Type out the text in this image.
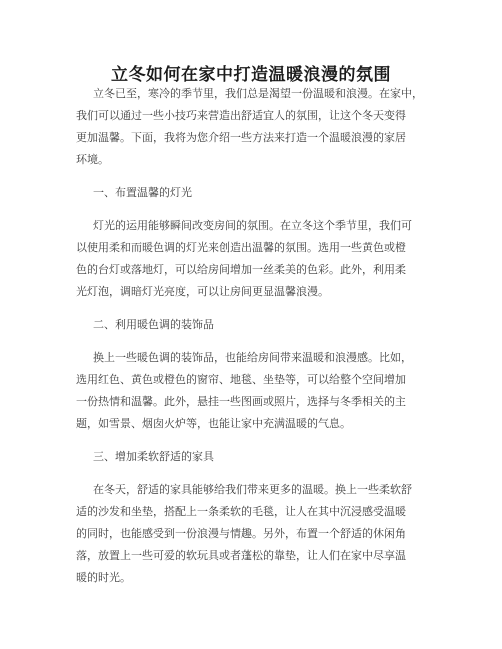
立冬如何在家中打造温暖浪漫的氛围
立冬已至，寒冷的季节里，我们总是渴望一份温暖和浪漫。在家中，
我们可以通过一些小技巧来营造出舒适宜人的氛围，让这个冬天变得
更加温馨。下面，我将为您介绍一些方法来打造一个温暖浪漫的家居
环境。
一、布置温馨的灯光
灯光的运用能够瞬间改变房间的氛围。在立冬这个季节里，我们可
以使用柔和而暖色调的灯光来创造出温馨的氛围。选用一些黄色或橙
色的台灯或落地灯，可以给房间增加一丝柔美的色彩。此外，利用柔
光灯泡，调暗灯光亮度，可以让房间更显温馨浪漫。
二、利用暖色调的装饰品
换上一些暖色调的装饰品，也能给房间带来温暖和浪漫感。比如，
选用红色、黄色或橙色的窗帘、地毯、坐垫等，可以给整个空间增加
一份热情和温馨。此外，悬挂一些图画或照片，选择与冬季相关的主
题，如雪景、烟囱火炉等，也能让家中充满温暖的气息。
三、增加柔软舒适的家具
在冬天，舒适的家具能够给我们带来更多的温暖。换上一些柔软舒
适的沙发和坐垫，搭配上一条柔软的毛毯，让人在其中沉浸感受温暖
的同时，也能感受到一份浪漫与情趣。另外，布置一个舒适的休闲角
落，放置上一些可爱的软玩具或者蓬松的靠垫，让人们在家中尽享温
暖的时光。
